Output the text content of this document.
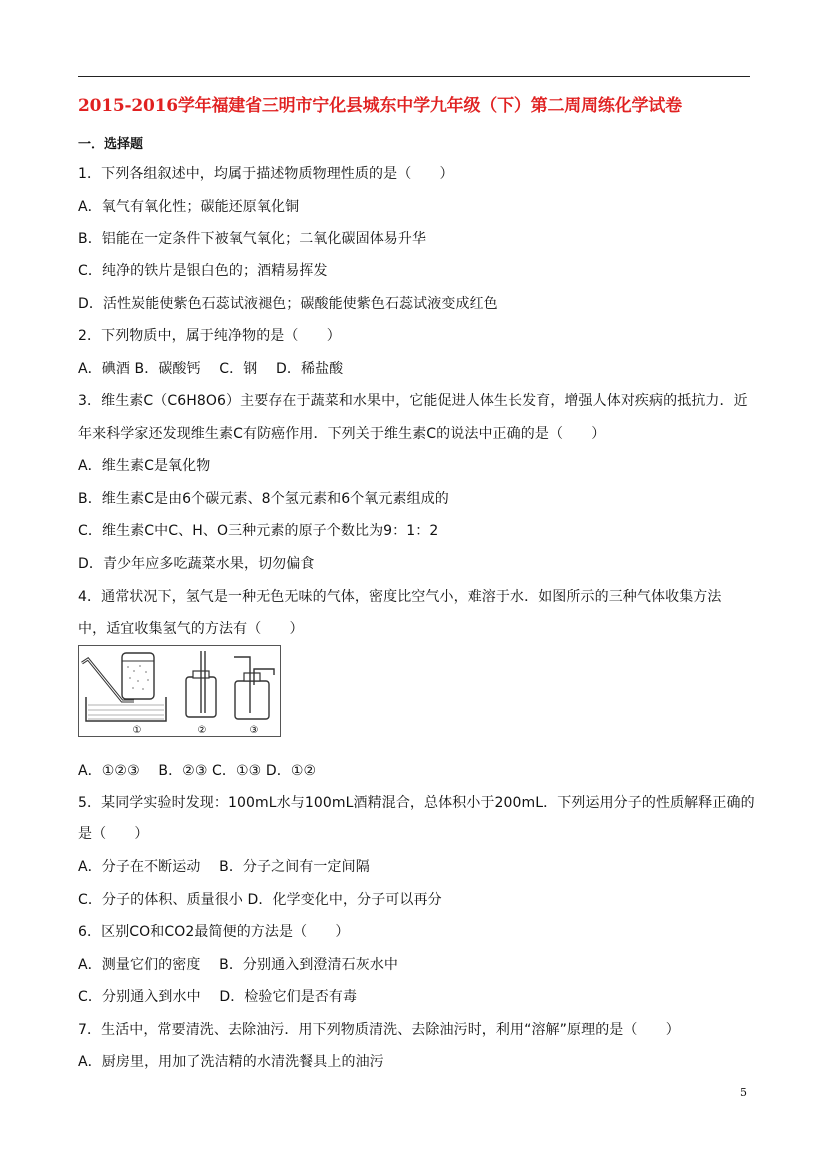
2015-2016学年福建省三明市宁化县城东中学九年级（下）第二周周练化学试卷
一．选择题
1．下列各组叙述中，均属于描述物质物理性质的是（　　）
A．氧气有氧化性；碳能还原氧化铜
B．铝能在一定条件下被氧气氧化；二氧化碳固体易升华
C．纯净的铁片是银白色的；酒精易挥发
D．活性炭能使紫色石蕊试液褪色；碳酸能使紫色石蕊试液变成红色
2．下列物质中，属于纯净物的是（　　）
A．碘酒 B．碳酸钙　 C．钢　 D．稀盐酸
3．维生素C（C6H8O6）主要存在于蔬菜和水果中，它能促进人体生长发育，增强人体对疾病的抵抗力．近
年来科学家还发现维生素C有防癌作用．下列关于维生素C的说法中正确的是（　　）
A．维生素C是氧化物
B．维生素C是由6个碳元素、8个氢元素和6个氧元素组成的
C．维生素C中C、H、O三种元素的原子个数比为9：1：2
D．青少年应多吃蔬菜水果，切勿偏食
4．通常状况下，氢气是一种无色无味的气体，密度比空气小，难溶于水．如图所示的三种气体收集方法
中，适宜收集氢气的方法有（　　）
①	②	③
A．①②③　 B．②③ C．①③ D．①②
5．某同学实验时发现：100mL水与100mL酒精混合，总体积小于200mL．下列运用分子的性质解释正确的
是（　　）
A．分子在不断运动　 B．分子之间有一定间隔
C．分子的体积、质量很小 D．化学变化中，分子可以再分
6．区别CO和CO2最简便的方法是（　　）
A．测量它们的密度　 B．分别通入到澄清石灰水中
C．分别通入到水中　 D．检验它们是否有毒
7．生活中，常要清洗、去除油污．用下列物质清洗、去除油污时，利用“溶解”原理的是（　　）
A．厨房里，用加了洗洁精的水清洗餐具上的油污
5
